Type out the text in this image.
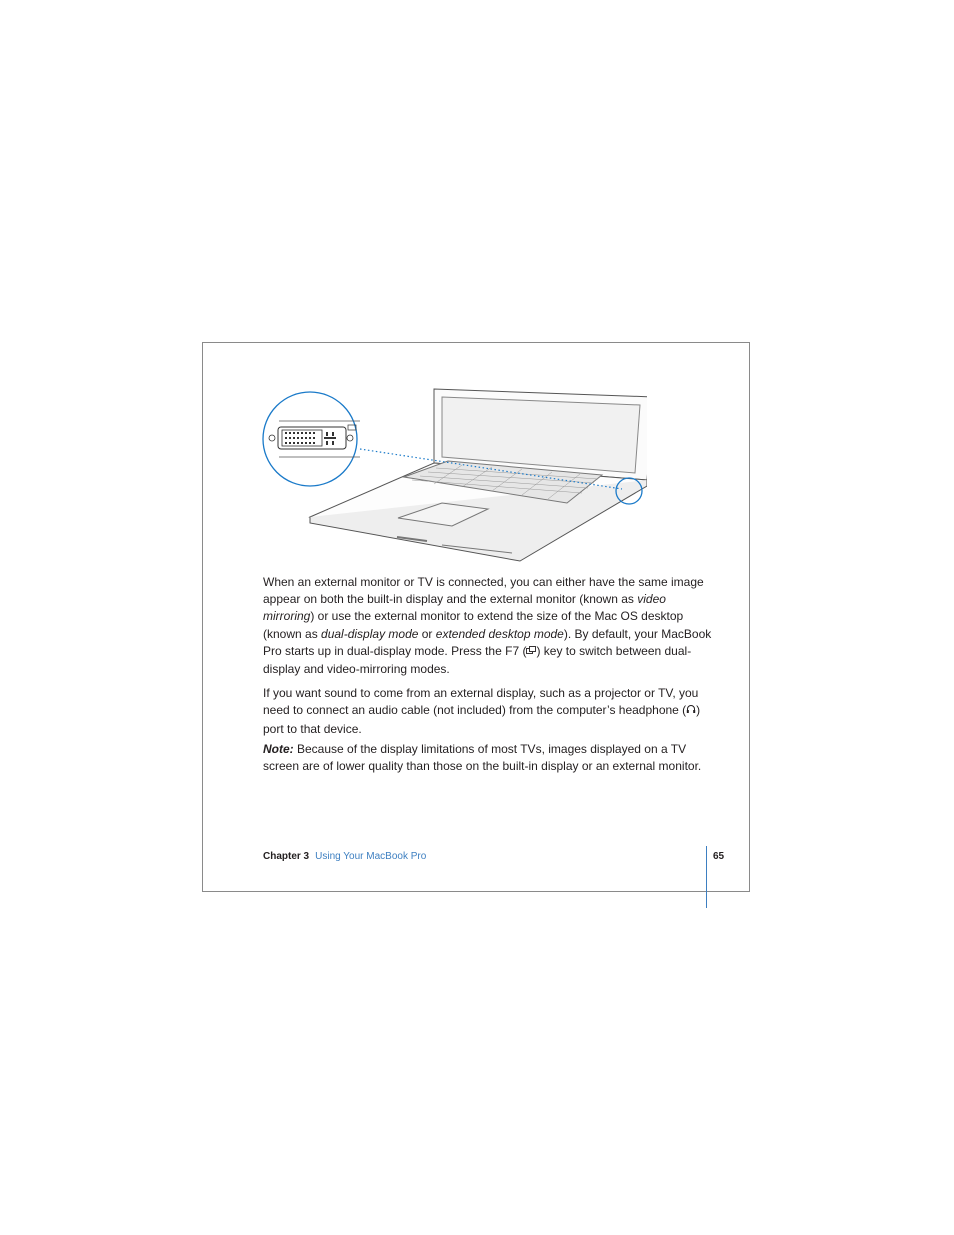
When an external monitor or TV is connected, you can either have the same image appear on both the built-in display and the external monitor (known as video mirroring) or use the external monitor to extend the size of the Mac OS desktop (known as dual-display mode or extended desktop mode). By default, your MacBook Pro starts up in dual-display mode. Press the F7 ( ) key to switch between dual-display and video-mirroring modes.

If you want sound to come from an external display, such as a projector or TV, you need to connect an audio cable (not included) from the computer’s headphone ( ) port to that device.

Note: Because of the display limitations of most TVs, images displayed on a TV screen are of lower quality than those on the built-in display or an external monitor.

Chapter 3 Using Your MacBook Pro	65
